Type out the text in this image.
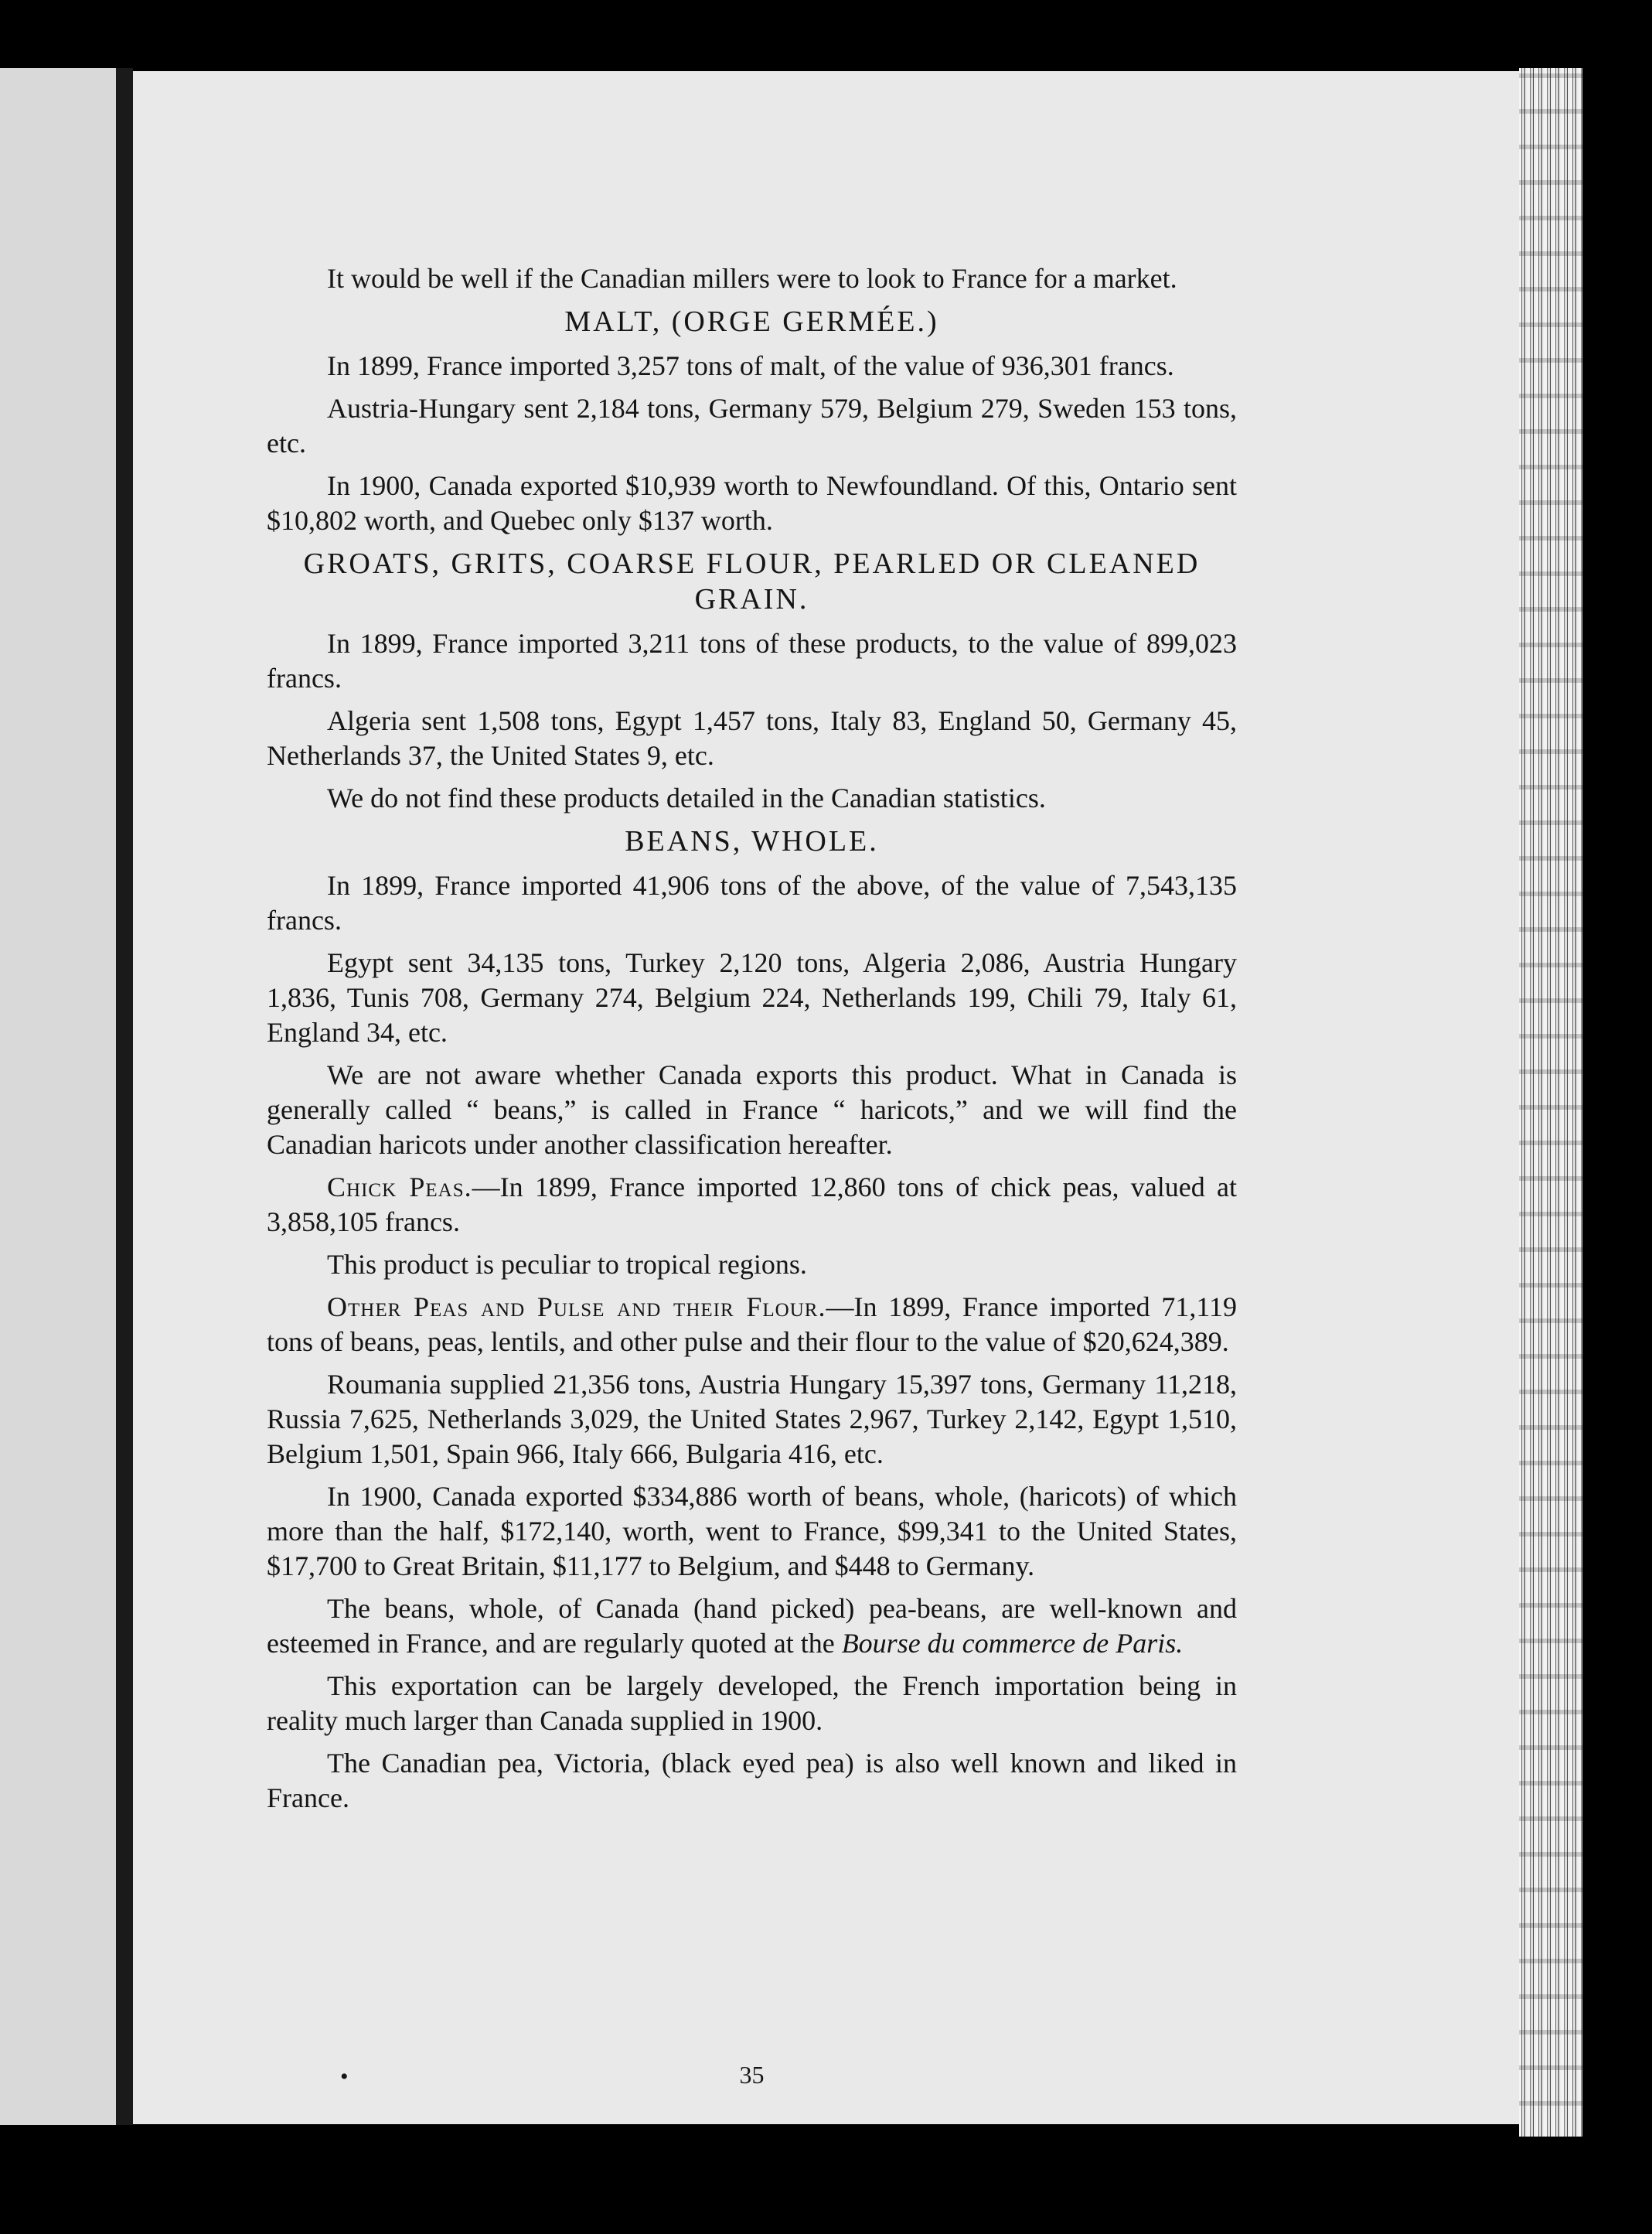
It would be well if the Canadian millers were to look to France for a market.

MALT, (ORGE GERMÉE.)

In 1899, France imported 3,257 tons of malt, of the value of 936,301 francs.

Austria-Hungary sent 2,184 tons, Germany 579, Belgium 279, Sweden 153 tons, etc.

In 1900, Canada exported $10,939 worth to Newfoundland. Of this, Ontario sent $10,802 worth, and Quebec only $137 worth.

GROATS, GRITS, COARSE FLOUR, PEARLED OR CLEANED GRAIN.

In 1899, France imported 3,211 tons of these products, to the value of 899,023 francs.

Algeria sent 1,508 tons, Egypt 1,457 tons, Italy 83, England 50, Germany 45, Netherlands 37, the United States 9, etc.

We do not find these products detailed in the Canadian statistics.

BEANS, WHOLE.

In 1899, France imported 41,906 tons of the above, of the value of 7,543,135 francs.

Egypt sent 34,135 tons, Turkey 2,120 tons, Algeria 2,086, Austria Hungary 1,836, Tunis 708, Germany 274, Belgium 224, Netherlands 199, Chili 79, Italy 61, England 34, etc.

We are not aware whether Canada exports this product. What in Canada is generally called “ beans,” is called in France “ haricots,” and we will find the Canadian haricots under another classification hereafter.

Chick Peas.—In 1899, France imported 12,860 tons of chick peas, valued at 3,858,105 francs.

This product is peculiar to tropical regions.

Other Peas and Pulse and their Flour.—In 1899, France imported 71,119 tons of beans, peas, lentils, and other pulse and their flour to the value of $20,624,389.

Roumania supplied 21,356 tons, Austria Hungary 15,397 tons, Germany 11,218, Russia 7,625, Netherlands 3,029, the United States 2,967, Turkey 2,142, Egypt 1,510, Belgium 1,501, Spain 966, Italy 666, Bulgaria 416, etc.

In 1900, Canada exported $334,886 worth of beans, whole, (haricots) of which more than the half, $172,140, worth, went to France, $99,341 to the United States, $17,700 to Great Britain, $11,177 to Belgium, and $448 to Germany.

The beans, whole, of Canada (hand picked) pea-beans, are well-known and esteemed in France, and are regularly quoted at the Bourse du commerce de Paris.

This exportation can be largely developed, the French importation being in reality much larger than Canada supplied in 1900.

The Canadian pea, Victoria, (black eyed pea) is also well known and liked in France.

•	35
